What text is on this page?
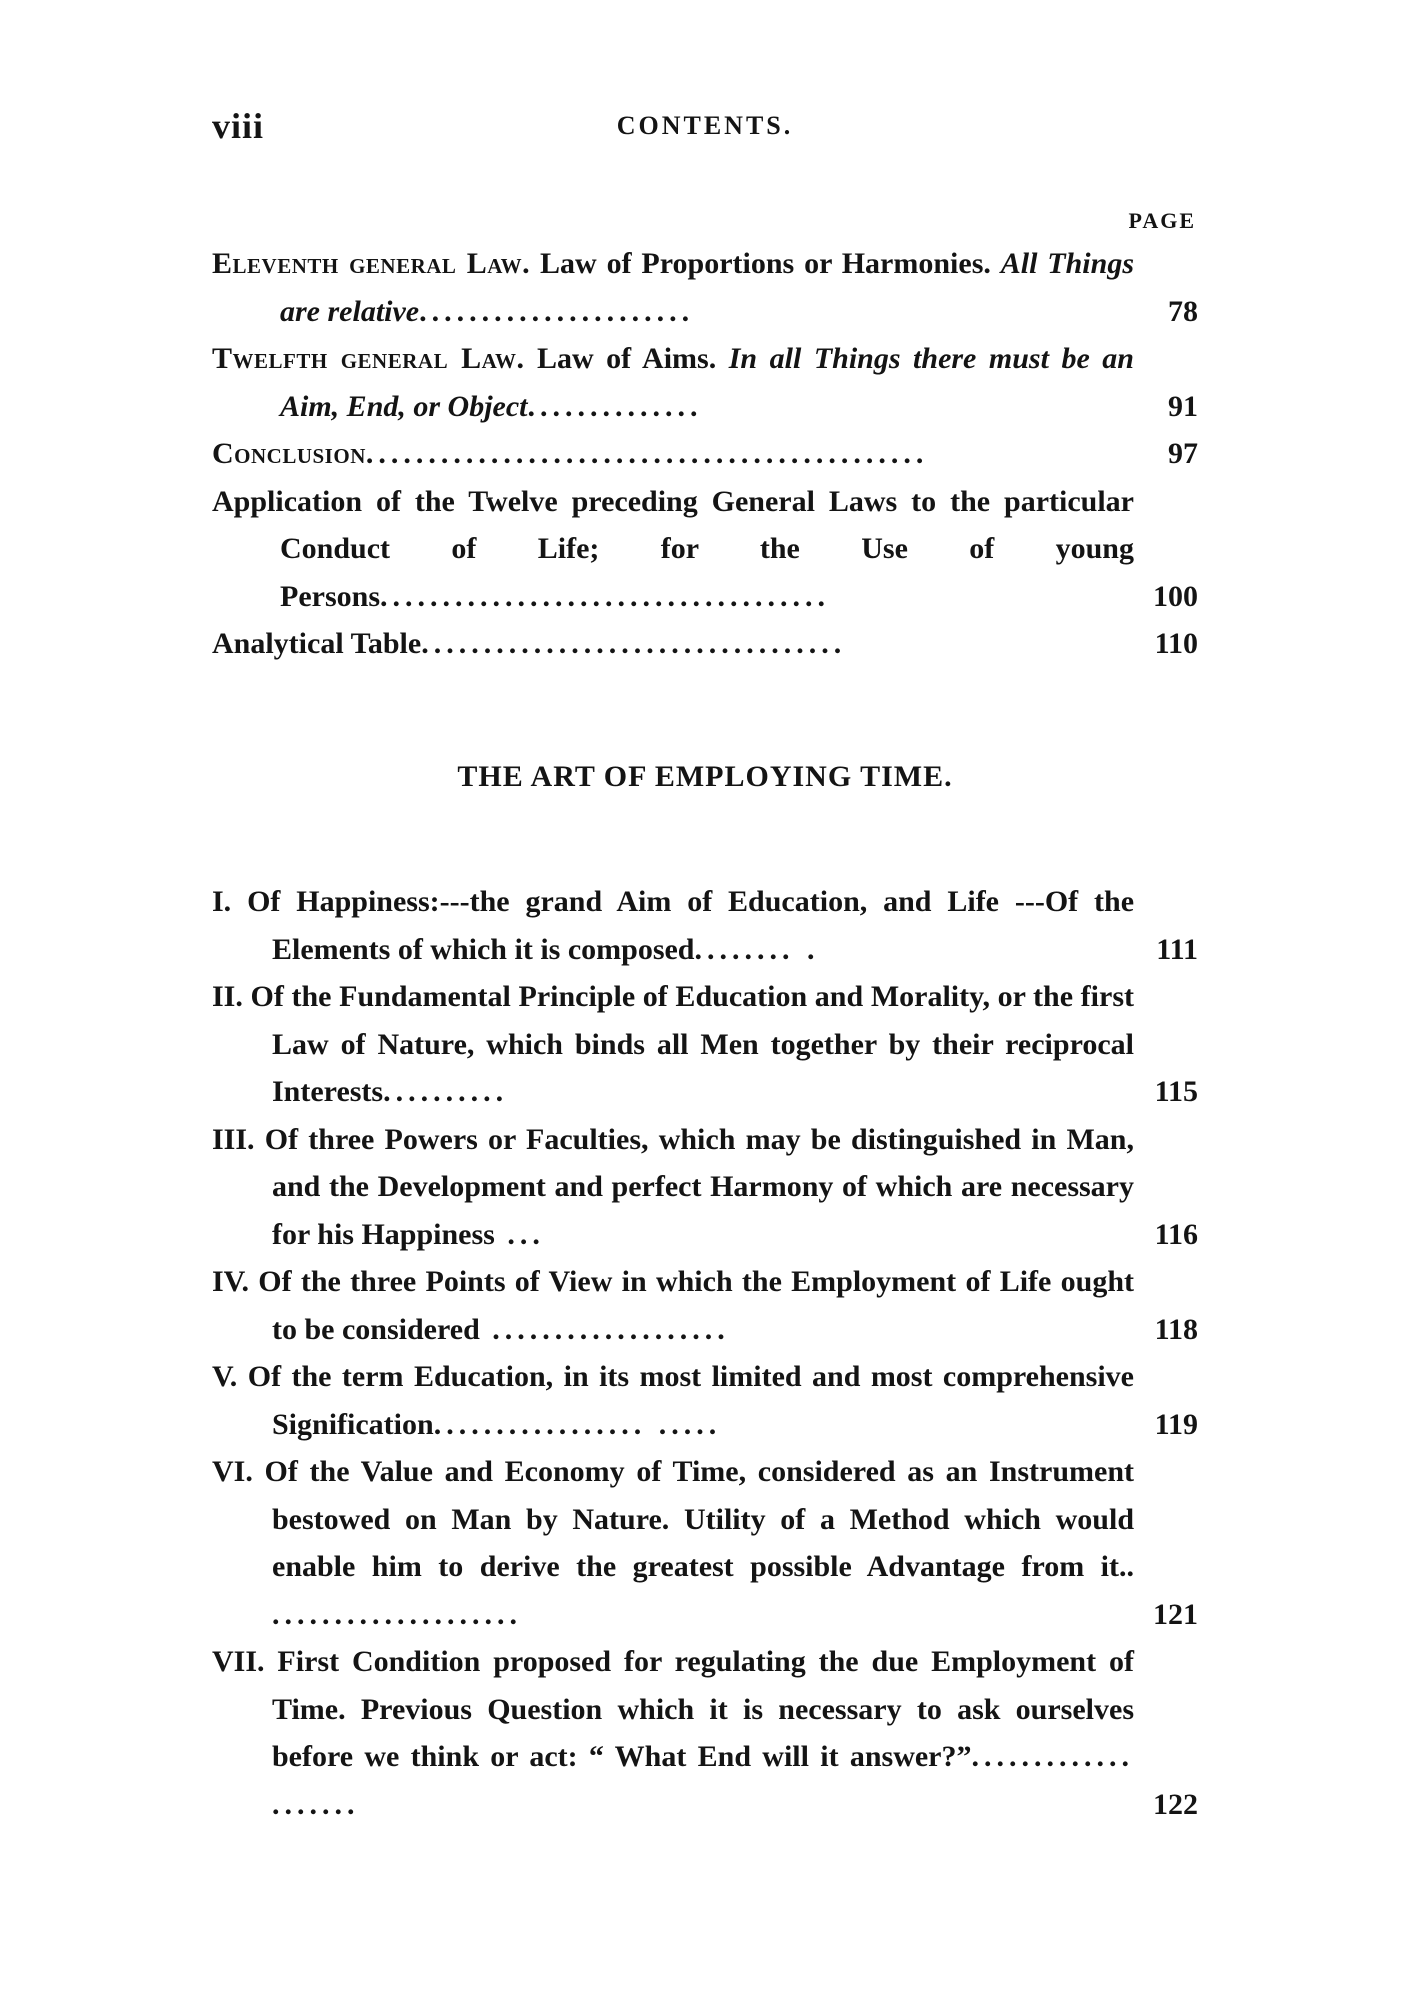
viii	CONTENTS.
PAGE
Eleventh general Law. Law of Proportions or Harmonies. All Things are relative......................	78
Twelfth general Law. Law of Aims. In all Things there must be an Aim, End, or Object..............	91
Conclusion.............................................	97
Application of the Twelve preceding General Laws to the particular Conduct of Life; for the Use of young Persons....................................	100
Analytical Table..................................	110
THE ART OF EMPLOYING TIME.
I. Of Happiness:---the grand Aim of Education, and Life ---Of the Elements of which it is composed........ .	111
II. Of the Fundamental Principle of Education and Morality, or the first Law of Nature, which binds all Men together by their reciprocal Interests..........	115
III. Of three Powers or Faculties, which may be distinguished in Man, and the Development and perfect Harmony of which are necessary for his Happiness ...	116
IV. Of the three Points of View in which the Employment of Life ought to be considered ...................	118
V. Of the term Education, in its most limited and most comprehensive Signification................. .....	119
VI. Of the Value and Economy of Time, considered as an Instrument bestowed on Man by Nature. Utility of a Method which would enable him to derive the greatest possible Advantage from it.. ....................	121
VII. First Condition proposed for regulating the due Employment of Time. Previous Question which it is necessary to ask ourselves before we think or act: “ What End will it answer?”............. .......	122
